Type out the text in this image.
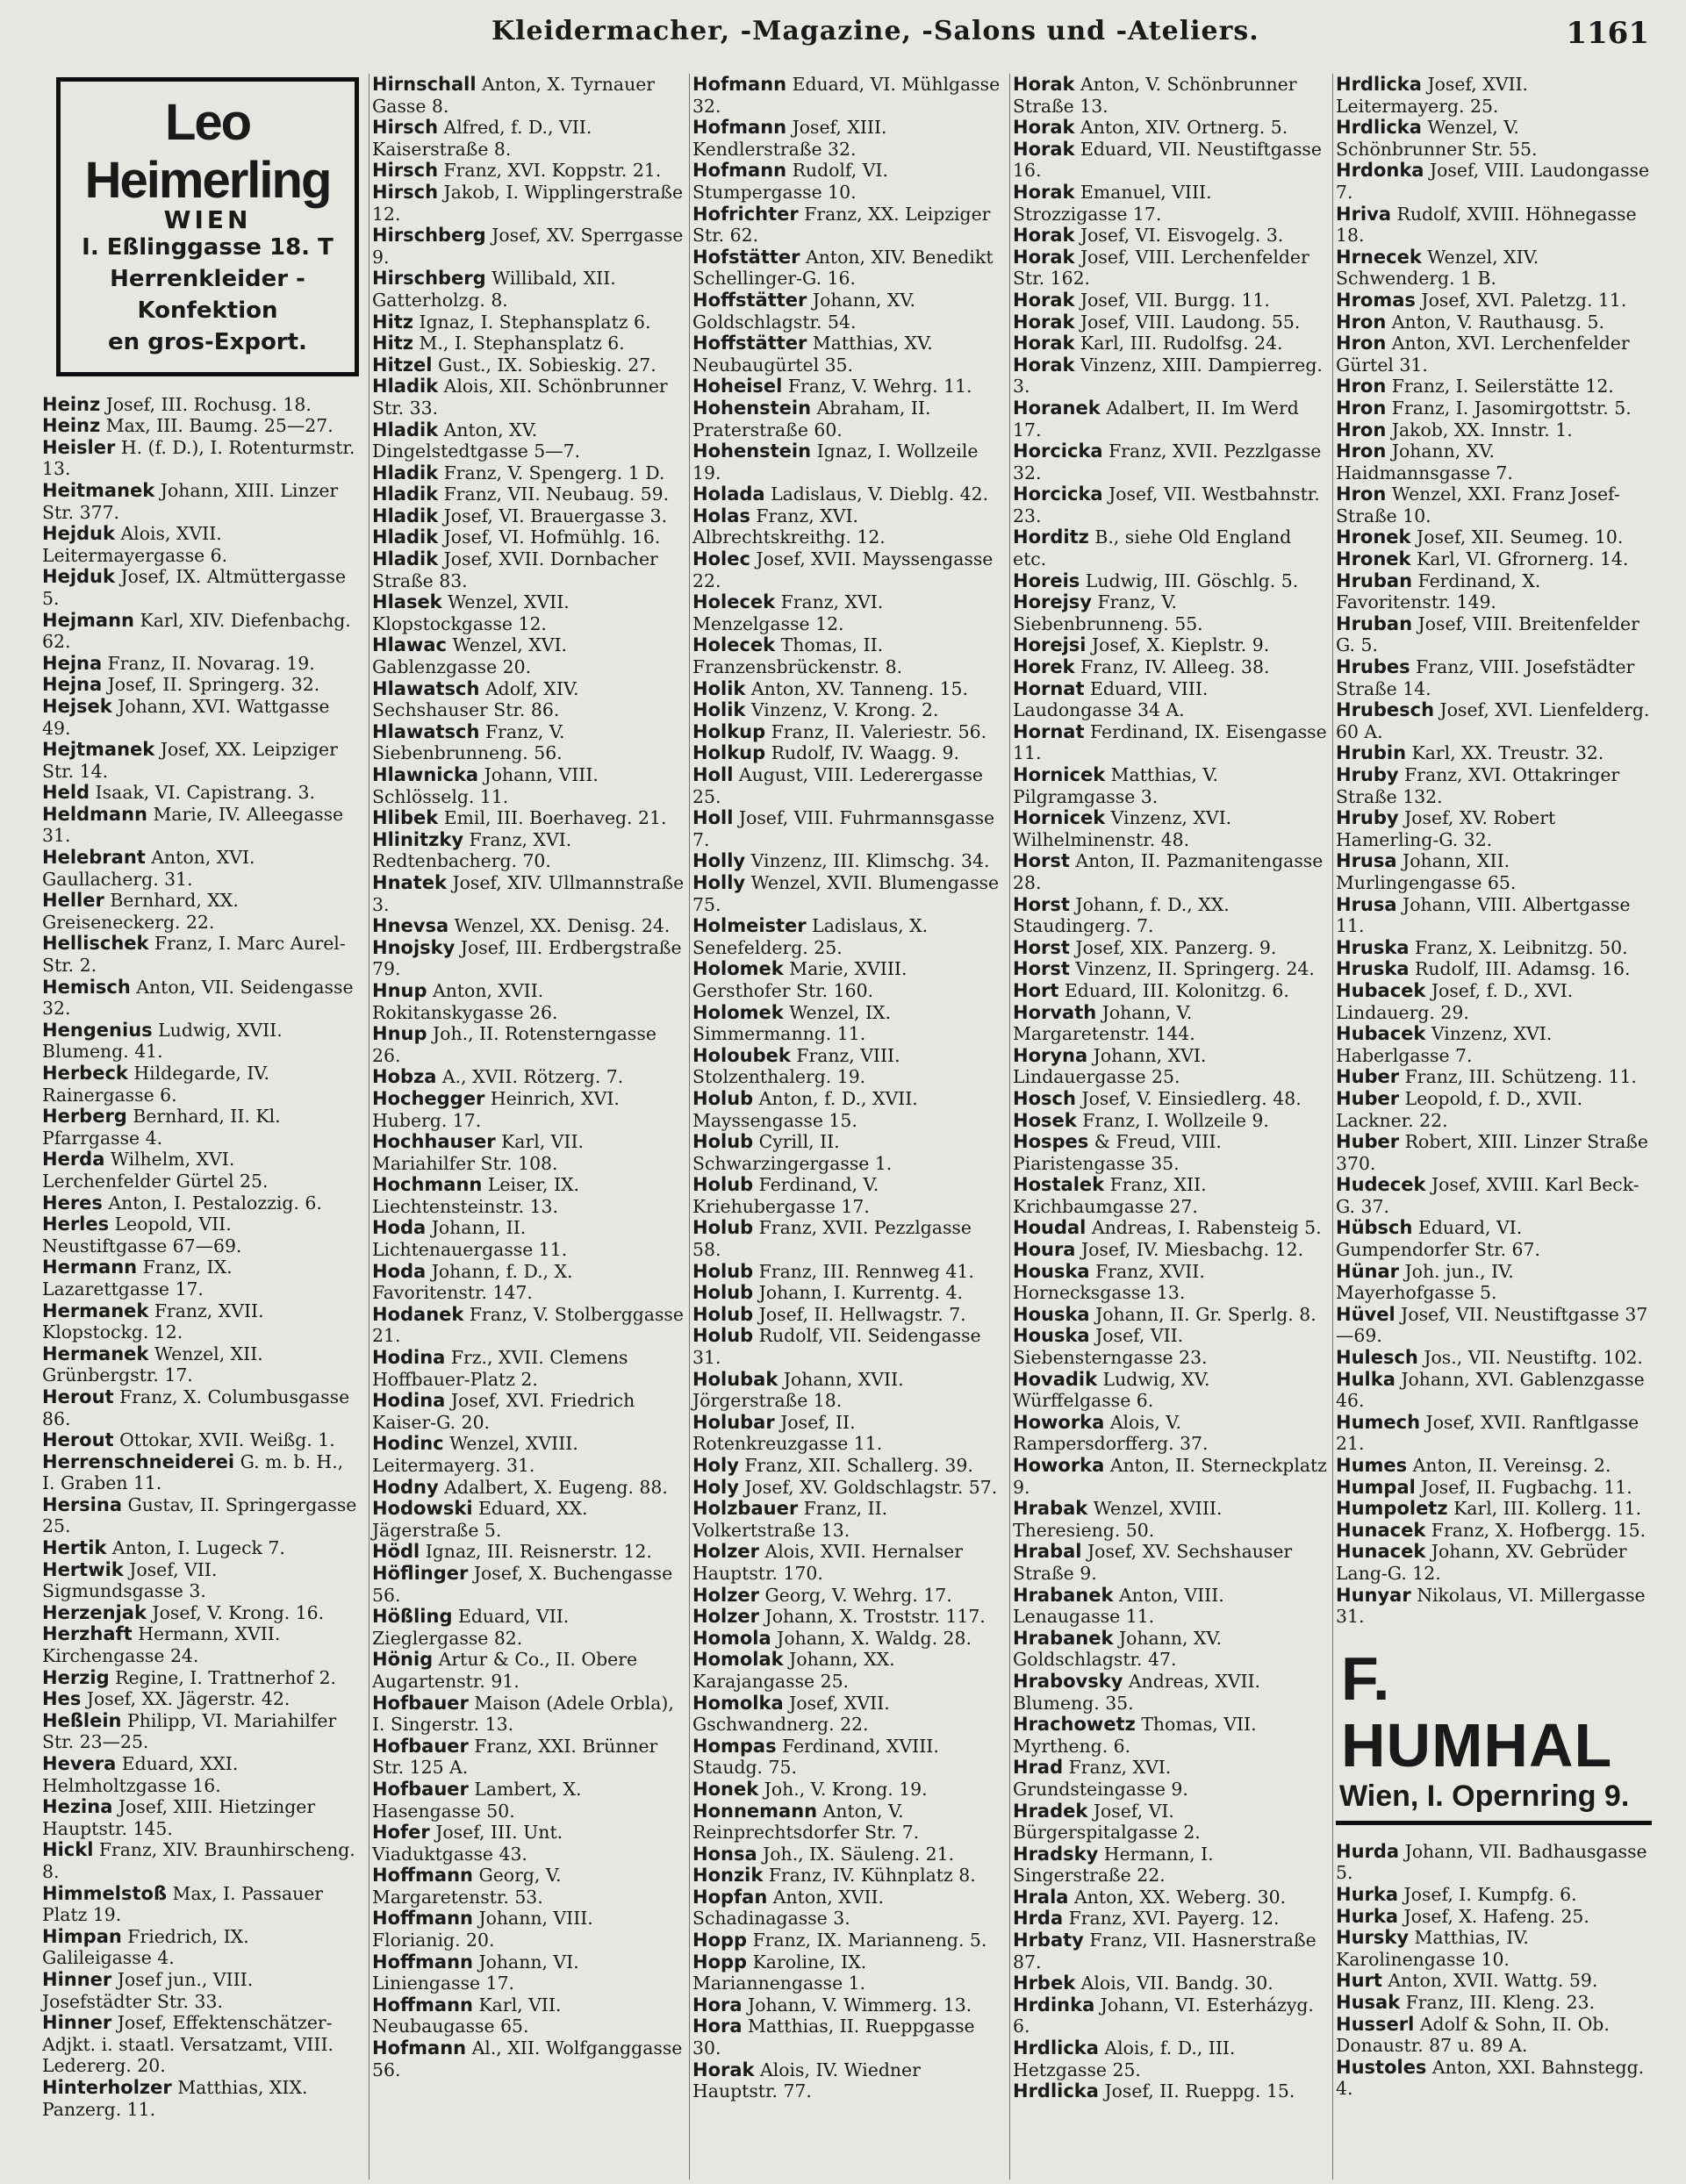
Kleidermacher, -Magazine, -Salons und -Ateliers.	1161
Leo Heimerling
WIEN
I. Eßlinggasse 18. T
Herrenkleider - Konfektion
en gros-Export.

Heinz Josef, III. Rochusg. 18.

Heinz Max, III. Baumg. 25—27.

Heisler H. (f. D.), I. Rotenturmstr. 13.

Heitmanek Johann, XIII. Linzer Str. 377.

Hejduk Alois, XVII. Leitermayergasse 6.

Hejduk Josef, IX. Altmüttergasse 5.

Hejmann Karl, XIV. Diefenbachg. 62.

Hejna Franz, II. Novarag. 19.

Hejna Josef, II. Springerg. 32.

Hejsek Johann, XVI. Wattgasse 49.

Hejtmanek Josef, XX. Leipziger Str. 14.

Held Isaak, VI. Capistrang. 3.

Heldmann Marie, IV. Alleegasse 31.

Helebrant Anton, XVI. Gaullacherg. 31.

Heller Bernhard, XX. Greiseneckerg. 22.

Hellischek Franz, I. Marc Aurel-Str. 2.

Hemisch Anton, VII. Seidengasse 32.

Hengenius Ludwig, XVII. Blumeng. 41.

Herbeck Hildegarde, IV. Rainergasse 6.

Herberg Bernhard, II. Kl. Pfarrgasse 4.

Herda Wilhelm, XVI. Lerchenfelder Gürtel 25.

Heres Anton, I. Pestalozzig. 6.

Herles Leopold, VII. Neustiftgasse 67—69.

Hermann Franz, IX. Lazarettgasse 17.

Hermanek Franz, XVII. Klopstockg. 12.

Hermanek Wenzel, XII. Grünbergstr. 17.

Herout Franz, X. Columbusgasse 86.

Herout Ottokar, XVII. Weißg. 1.

Herrenschneiderei G. m. b. H., I. Graben 11.

Hersina Gustav, II. Springergasse 25.

Hertik Anton, I. Lugeck 7.

Hertwik Josef, VII. Sigmundsgasse 3.

Herzenjak Josef, V. Krong. 16.

Herzhaft Hermann, XVII. Kirchengasse 24.

Herzig Regine, I. Trattnerhof 2.

Hes Josef, XX. Jägerstr. 42.

Heßlein Philipp, VI. Mariahilfer Str. 23—25.

Hevera Eduard, XXI. Helmholtzgasse 16.

Hezina Josef, XIII. Hietzinger Hauptstr. 145.

Hickl Franz, XIV. Braunhirscheng. 8.

Himmelstoß Max, I. Passauer Platz 19.

Himpan Friedrich, IX. Galileigasse 4.

Hinner Josef jun., VIII. Josefstädter Str. 33.

Hinner Josef, Effektenschätzer-Adjkt. i. staatl. Versatzamt, VIII. Ledererg. 20.

Hinterholzer Matthias, XIX. Panzerg. 11.

Hirnschall Anton, X. Tyrnauer Gasse 8.

Hirsch Alfred, f. D., VII. Kaiserstraße 8.

Hirsch Franz, XVI. Koppstr. 21.

Hirsch Jakob, I. Wipplingerstraße 12.

Hirschberg Josef, XV. Sperrgasse 9.

Hirschberg Willibald, XII. Gatterholzg. 8.

Hitz Ignaz, I. Stephansplatz 6.

Hitz M., I. Stephansplatz 6.

Hitzel Gust., IX. Sobieskig. 27.

Hladik Alois, XII. Schönbrunner Str. 33.

Hladik Anton, XV. Dingelstedtgasse 5—7.

Hladik Franz, V. Spengerg. 1 D.

Hladik Franz, VII. Neubaug. 59.

Hladik Josef, VI. Brauergasse 3.

Hladik Josef, VI. Hofmühlg. 16.

Hladik Josef, XVII. Dornbacher Straße 83.

Hlasek Wenzel, XVII. Klopstockgasse 12.

Hlawac Wenzel, XVI. Gablenzgasse 20.

Hlawatsch Adolf, XIV. Sechshauser Str. 86.

Hlawatsch Franz, V. Siebenbrunneng. 56.

Hlawnicka Johann, VIII. Schlösselg. 11.

Hlibek Emil, III. Boerhaveg. 21.

Hlinitzky Franz, XVI. Redtenbacherg. 70.

Hnatek Josef, XIV. Ullmannstraße 3.

Hnevsa Wenzel, XX. Denisg. 24.

Hnojsky Josef, III. Erdbergstraße 79.

Hnup Anton, XVII. Rokitanskygasse 26.

Hnup Joh., II. Rotensterngasse 26.

Hobza A., XVII. Rötzerg. 7.

Hochegger Heinrich, XVI. Huberg. 17.

Hochhauser Karl, VII. Mariahilfer Str. 108.

Hochmann Leiser, IX. Liechtensteinstr. 13.

Hoda Johann, II. Lichtenauergasse 11.

Hoda Johann, f. D., X. Favoritenstr. 147.

Hodanek Franz, V. Stolberggasse 21.

Hodina Frz., XVII. Clemens Hoffbauer-Platz 2.

Hodina Josef, XVI. Friedrich Kaiser-G. 20.

Hodinc Wenzel, XVIII. Leitermayerg. 31.

Hodny Adalbert, X. Eugeng. 88.

Hodowski Eduard, XX. Jägerstraße 5.

Hödl Ignaz, III. Reisnerstr. 12.

Höflinger Josef, X. Buchengasse 56.

Hößling Eduard, VII. Zieglergasse 82.

Hönig Artur & Co., II. Obere Augartenstr. 91.

Hofbauer Maison (Adele Orbla), I. Singerstr. 13.

Hofbauer Franz, XXI. Brünner Str. 125 A.

Hofbauer Lambert, X. Hasengasse 50.

Hofer Josef, III. Unt. Viaduktgasse 43.

Hoffmann Georg, V. Margaretenstr. 53.

Hoffmann Johann, VIII. Florianig. 20.

Hoffmann Johann, VI. Liniengasse 17.

Hoffmann Karl, VII. Neubaugasse 65.

Hofmann Al., XII. Wolfganggasse 56.

Hofmann Eduard, VI. Mühlgasse 32.

Hofmann Josef, XIII. Kendlerstraße 32.

Hofmann Rudolf, VI. Stumpergasse 10.

Hofrichter Franz, XX. Leipziger Str. 62.

Hofstätter Anton, XIV. Benedikt Schellinger-G. 16.

Hoffstätter Johann, XV. Goldschlagstr. 54.

Hoffstätter Matthias, XV. Neubaugürtel 35.

Hoheisel Franz, V. Wehrg. 11.

Hohenstein Abraham, II. Praterstraße 60.

Hohenstein Ignaz, I. Wollzeile 19.

Holada Ladislaus, V. Dieblg. 42.

Holas Franz, XVI. Albrechtskreithg. 12.

Holec Josef, XVII. Mayssengasse 22.

Holecek Franz, XVI. Menzelgasse 12.

Holecek Thomas, II. Franzensbrückenstr. 8.

Holik Anton, XV. Tanneng. 15.

Holik Vinzenz, V. Krong. 2.

Holkup Franz, II. Valeriestr. 56.

Holkup Rudolf, IV. Waagg. 9.

Holl August, VIII. Lederergasse 25.

Holl Josef, VIII. Fuhrmannsgasse 7.

Holly Vinzenz, III. Klimschg. 34.

Holly Wenzel, XVII. Blumengasse 75.

Holmeister Ladislaus, X. Senefelderg. 25.

Holomek Marie, XVIII. Gersthofer Str. 160.

Holomek Wenzel, IX. Simmermanng. 11.

Holoubek Franz, VIII. Stolzenthalerg. 19.

Holub Anton, f. D., XVII. Mayssengasse 15.

Holub Cyrill, II. Schwarzingergasse 1.

Holub Ferdinand, V. Kriehubergasse 17.

Holub Franz, XVII. Pezzlgasse 58.

Holub Franz, III. Rennweg 41.

Holub Johann, I. Kurrentg. 4.

Holub Josef, II. Hellwagstr. 7.

Holub Rudolf, VII. Seidengasse 31.

Holubak Johann, XVII. Jörgerstraße 18.

Holubar Josef, II. Rotenkreuzgasse 11.

Holy Franz, XII. Schallerg. 39.

Holy Josef, XV. Goldschlagstr. 57.

Holzbauer Franz, II. Volkertstraße 13.

Holzer Alois, XVII. Hernalser Hauptstr. 170.

Holzer Georg, V. Wehrg. 17.

Holzer Johann, X. Troststr. 117.

Homola Johann, X. Waldg. 28.

Homolak Johann, XX. Karajangasse 25.

Homolka Josef, XVII. Gschwandnerg. 22.

Hompas Ferdinand, XVIII. Staudg. 75.

Honek Joh., V. Krong. 19.

Honnemann Anton, V. Reinprechtsdorfer Str. 7.

Honsa Joh., IX. Säuleng. 21.

Honzik Franz, IV. Kühnplatz 8.

Hopfan Anton, XVII. Schadinagasse 3.

Hopp Franz, IX. Marianneng. 5.

Hopp Karoline, IX. Mariannengasse 1.

Hora Johann, V. Wimmerg. 13.

Hora Matthias, II. Rueppgasse 30.

Horak Alois, IV. Wiedner Hauptstr. 77.

Horak Anton, V. Schönbrunner Straße 13.

Horak Anton, XIV. Ortnerg. 5.

Horak Eduard, VII. Neustiftgasse 16.

Horak Emanuel, VIII. Strozzigasse 17.

Horak Josef, VI. Eisvogelg. 3.

Horak Josef, VIII. Lerchenfelder Str. 162.

Horak Josef, VII. Burgg. 11.

Horak Josef, VIII. Laudong. 55.

Horak Karl, III. Rudolfsg. 24.

Horak Vinzenz, XIII. Dampierreg. 3.

Horanek Adalbert, II. Im Werd 17.

Horcicka Franz, XVII. Pezzlgasse 32.

Horcicka Josef, VII. Westbahnstr. 23.

Horditz B., siehe Old England etc.

Horeis Ludwig, III. Göschlg. 5.

Horejsy Franz, V. Siebenbrunneng. 55.

Horejsi Josef, X. Kieplstr. 9.

Horek Franz, IV. Alleeg. 38.

Hornat Eduard, VIII. Laudongasse 34 A.

Hornat Ferdinand, IX. Eisengasse 11.

Hornicek Matthias, V. Pilgramgasse 3.

Hornicek Vinzenz, XVI. Wilhelminenstr. 48.

Horst Anton, II. Pazmanitengasse 28.

Horst Johann, f. D., XX. Staudingerg. 7.

Horst Josef, XIX. Panzerg. 9.

Horst Vinzenz, II. Springerg. 24.

Hort Eduard, III. Kolonitzg. 6.

Horvath Johann, V. Margaretenstr. 144.

Horyna Johann, XVI. Lindauergasse 25.

Hosch Josef, V. Einsiedlerg. 48.

Hosek Franz, I. Wollzeile 9.

Hospes & Freud, VIII. Piaristengasse 35.

Hostalek Franz, XII. Krichbaumgasse 27.

Houdal Andreas, I. Rabensteig 5.

Houra Josef, IV. Miesbachg. 12.

Houska Franz, XVII. Hornecksgasse 13.

Houska Johann, II. Gr. Sperlg. 8.

Houska Josef, VII. Siebensterngasse 23.

Hovadik Ludwig, XV. Würffelgasse 6.

Howorka Alois, V. Rampersdorfferg. 37.

Howorka Anton, II. Sterneckplatz 9.

Hrabak Wenzel, XVIII. Theresieng. 50.

Hrabal Josef, XV. Sechshauser Straße 9.

Hrabanek Anton, VIII. Lenaugasse 11.

Hrabanek Johann, XV. Goldschlagstr. 47.

Hrabovsky Andreas, XVII. Blumeng. 35.

Hrachowetz Thomas, VII. Myrtheng. 6.

Hrad Franz, XVI. Grundsteingasse 9.

Hradek Josef, VI. Bürgerspitalgasse 2.

Hradsky Hermann, I. Singerstraße 22.

Hrala Anton, XX. Weberg. 30.

Hrda Franz, XVI. Payerg. 12.

Hrbaty Franz, VII. Hasnerstraße 87.

Hrbek Alois, VII. Bandg. 30.

Hrdinka Johann, VI. Esterházyg. 6.

Hrdlicka Alois, f. D., III. Hetzgasse 25.

Hrdlicka Josef, II. Rueppg. 15.

Hrdlicka Josef, XVII. Leitermayerg. 25.

Hrdlicka Wenzel, V. Schönbrunner Str. 55.

Hrdonka Josef, VIII. Laudongasse 7.

Hriva Rudolf, XVIII. Höhnegasse 18.

Hrnecek Wenzel, XIV. Schwenderg. 1 B.

Hromas Josef, XVI. Paletzg. 11.

Hron Anton, V. Rauthausg. 5.

Hron Anton, XVI. Lerchenfelder Gürtel 31.

Hron Franz, I. Seilerstätte 12.

Hron Franz, I. Jasomirgottstr. 5.

Hron Jakob, XX. Innstr. 1.

Hron Johann, XV. Haidmannsgasse 7.

Hron Wenzel, XXI. Franz Josef-Straße 10.

Hronek Josef, XII. Seumeg. 10.

Hronek Karl, VI. Gfrornerg. 14.

Hruban Ferdinand, X. Favoritenstr. 149.

Hruban Josef, VIII. Breitenfelder G. 5.

Hrubes Franz, VIII. Josefstädter Straße 14.

Hrubesch Josef, XVI. Lienfelderg. 60 A.

Hrubin Karl, XX. Treustr. 32.

Hruby Franz, XVI. Ottakringer Straße 132.

Hruby Josef, XV. Robert Hamerling-G. 32.

Hrusa Johann, XII. Murlingengasse 65.

Hrusa Johann, VIII. Albertgasse 11.

Hruska Franz, X. Leibnitzg. 50.

Hruska Rudolf, III. Adamsg. 16.

Hubacek Josef, f. D., XVI. Lindauerg. 29.

Hubacek Vinzenz, XVI. Haberlgasse 7.

Huber Franz, III. Schützeng. 11.

Huber Leopold, f. D., XVII. Lackner. 22.

Huber Robert, XIII. Linzer Straße 370.

Hudecek Josef, XVIII. Karl Beck-G. 37.

Hübsch Eduard, VI. Gumpendorfer Str. 67.

Hünar Joh. jun., IV. Mayerhofgasse 5.

Hüvel Josef, VII. Neustiftgasse 37—69.

Hulesch Jos., VII. Neustiftg. 102.

Hulka Johann, XVI. Gablenzgasse 46.

Humech Josef, XVII. Ranftlgasse 21.

Humes Anton, II. Vereinsg. 2.

Humpal Josef, II. Fugbachg. 11.

Humpoletz Karl, III. Kollerg. 11.

Hunacek Franz, X. Hofbergg. 15.

Hunacek Johann, XV. Gebrüder Lang-G. 12.

Hunyar Nikolaus, VI. Millergasse 31.

F. HUMHAL
Wien, I. Opernring 9.

Hurda Johann, VII. Badhausgasse 5.

Hurka Josef, I. Kumpfg. 6.

Hurka Josef, X. Hafeng. 25.

Hursky Matthias, IV. Karolinengasse 10.

Hurt Anton, XVII. Wattg. 59.

Husak Franz, III. Kleng. 23.

Husserl Adolf & Sohn, II. Ob. Donaustr. 87 u. 89 A.

Hustoles Anton, XXI. Bahnstegg. 4.
